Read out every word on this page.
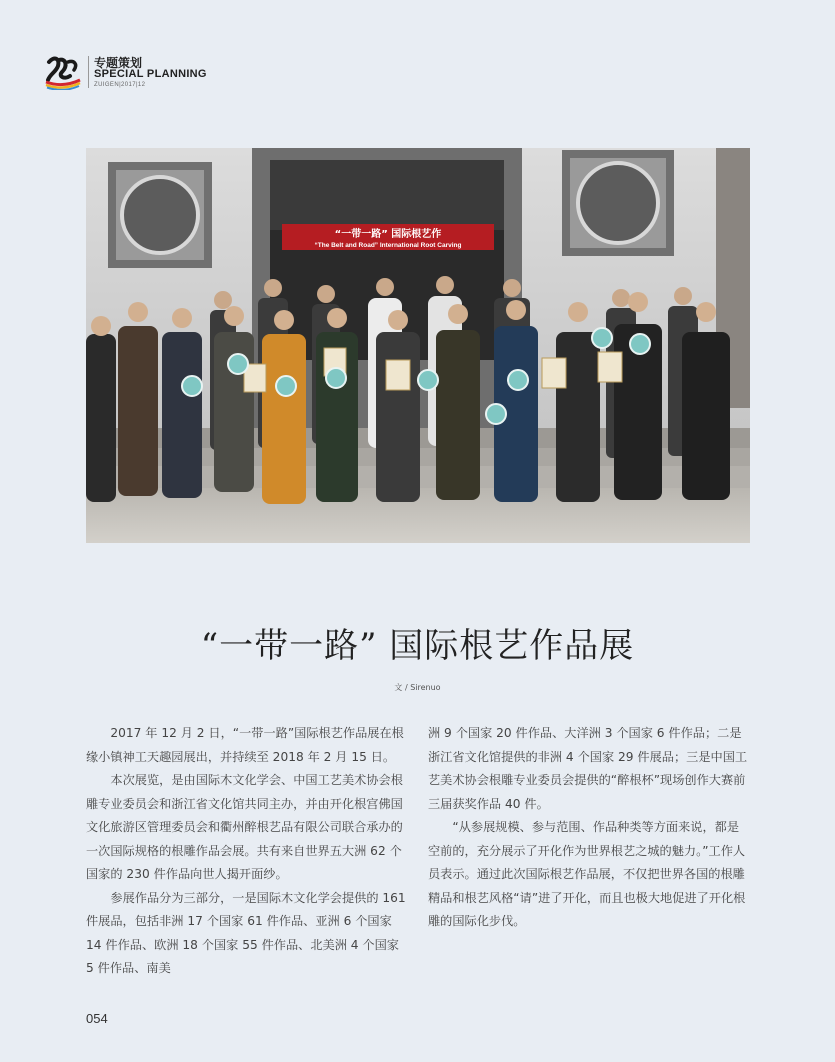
专题策划
SPECIAL PLANNING
ZUIGEN|2017|12
“一带一路” 国际根艺作
“The Belt and Road” International Root Carving
“一带一路” 国际根艺作品展
文 / Sirenuo

2017 年 12 月 2 日，“一带一路”国际根艺作品展在根缘小镇神工天趣园展出，并持续至 2018 年 2 月 15 日。

本次展览，是由国际木文化学会、中国工艺美术协会根雕专业委员会和浙江省文化馆共同主办，并由开化根宫佛国文化旅游区管理委员会和衢州醉根艺品有限公司联合承办的一次国际规格的根雕作品会展。共有来自世界五大洲 62 个国家的 230 件作品向世人揭开面纱。

参展作品分为三部分，一是国际木文化学会提供的 161 件展品，包括非洲 17 个国家 61 件作品、亚洲 6 个国家 14 件作品、欧洲 18 个国家 55 件作品、北美洲 4 个国家 5 件作品、南美

洲 9 个国家 20 件作品、大洋洲 3 个国家 6 件作品；二是浙江省文化馆提供的非洲 4 个国家 29 件展品；三是中国工艺美术协会根雕专业委员会提供的“醉根杯”现场创作大赛前三届获奖作品 40 件。

“从参展规模、参与范围、作品种类等方面来说，都是空前的，充分展示了开化作为世界根艺之城的魅力。”工作人员表示。通过此次国际根艺作品展，不仅把世界各国的根雕精品和根艺风格“请”进了开化，而且也极大地促进了开化根雕的国际化步伐。

054
